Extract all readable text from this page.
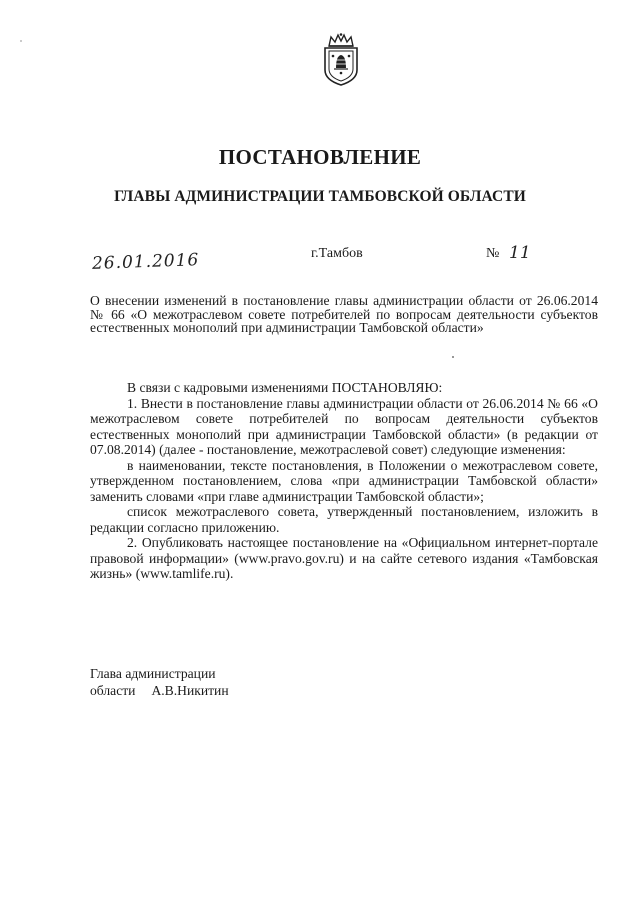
ПОСТАНОВЛЕНИЕ
ГЛАВЫ АДМИНИСТРАЦИИ ТАМБОВСКОЙ ОБЛАСТИ
26.01.2016	г.Тамбов	№ 11
О внесении изменений в постановление главы администрации области от 26.06.2014 № 66 «О межотраслевом совете потребителей по вопросам деятельности субъектов естественных монополий при администрации Тамбовской области»

В связи с кадровыми изменениями ПОСТАНОВЛЯЮ:

1. Внести в постановление главы администрации области от 26.06.2014 № 66 «О межотраслевом совете потребителей по вопросам деятельности субъектов естественных монополий при администрации Тамбовской области» (в редакции от 07.08.2014) (далее - постановление, межотраслевой совет) следующие изменения:

в наименовании, тексте постановления, в Положении о межотраслевом совете, утвержденном постановлением, слова «при администрации Тамбовской области» заменить словами «при главе администрации Тамбовской области»;

список межотраслевого совета, утвержденный постановлением, изложить в редакции согласно приложению.

2. Опубликовать настоящее постановление на «Официальном интернет-портале правовой информации» (www.pravo.gov.ru) и на сайте сетевого издания «Тамбовская жизнь» (www.tamlife.ru).

Глава администрации
области А.В.Никитин
